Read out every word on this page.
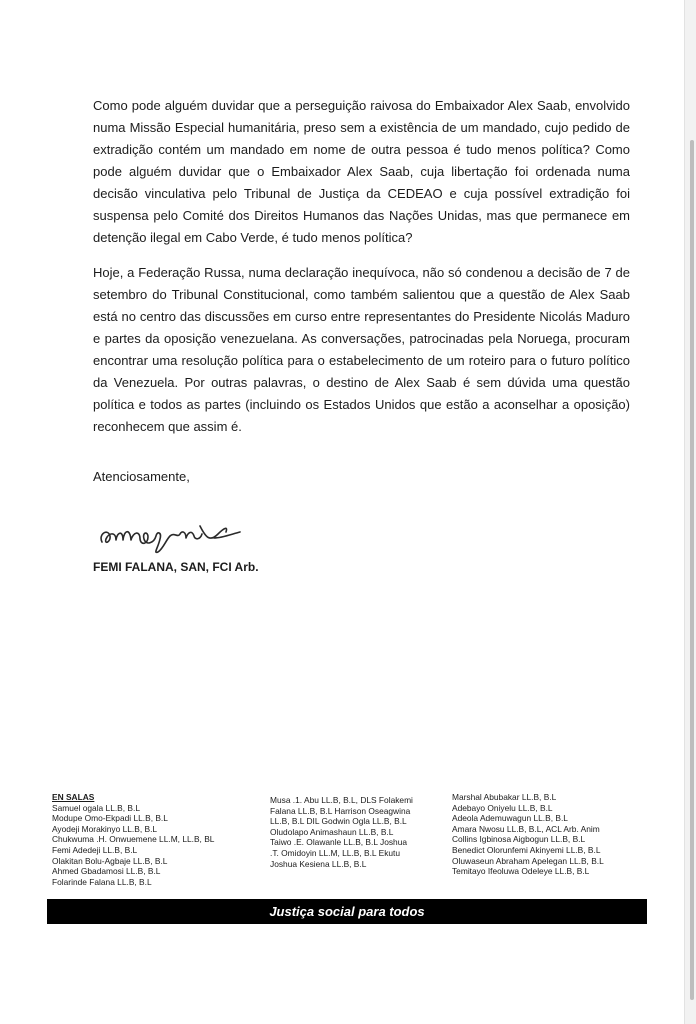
Como pode alguém duvidar que a perseguição raivosa do Embaixador Alex Saab, envolvido numa Missão Especial humanitária, preso sem a existência de um mandado, cujo pedido de extradição contém um mandado em nome de outra pessoa é tudo menos política? Como pode alguém duvidar que o Embaixador Alex Saab, cuja libertação foi ordenada numa decisão vinculativa pelo Tribunal de Justiça da CEDEAO e cuja possível extradição foi suspensa pelo Comité dos Direitos Humanos das Nações Unidas, mas que permanece em detenção ilegal em Cabo Verde, é tudo menos política?

Hoje, a Federação Russa, numa declaração inequívoca, não só condenou a decisão de 7 de setembro do Tribunal Constitucional, como também salientou que a questão de Alex Saab está no centro das discussões em curso entre representantes do Presidente Nicolás Maduro e partes da oposição venezuelana. As conversações, patrocinadas pela Noruega, procuram encontrar uma resolução política para o estabelecimento de um roteiro para o futuro político da Venezuela. Por outras palavras, o destino de Alex Saab é sem dúvida uma questão política e todos as partes (incluindo os Estados Unidos que estão a aconselhar a oposição) reconhecem que assim é.

Atenciosamente,

FEMI FALANA, SAN, FCI Arb.

EN SALAS
Samuel ogala LL.B, B.L
Modupe Omo-Ekpadi LL.B, B.L
Ayodeji Morakinyo LL.B, B.L
Chukwuma .H. Onwuemene LL.M, LL.B, BL
Femi Adedeji LL.B, B.L
Olakitan Bolu-Agbaje LL.B, B.L
Ahmed Gbadamosi LL.B, B.L
Folarinde Falana LL.B, B.L
Musa .1. Abu LL.B, B.L, DLS Folakemi
Falana LL.B, B.L Harrison Oseagwina
LL.B, B.L DIL Godwin Ogla LL.B, B.L
Oludolapo Animashaun LL.B, B.L
Taiwo .E. Olawanle LL.B, B.L Joshua
.T. Omidoyin LL.M, LL.B, B.L Ekutu
Joshua Kesiena LL.B, B.L
Marshal Abubakar LL.B, B.L
Adebayo Oniyelu LL.B, B.L
Adeola Ademuwagun LL.B, B.L
Amara Nwosu LL.B, B.L, ACL Arb. Anim
Collins Igbinosa Aigbogun LL.B, B.L
Benedict Olorunfemi Akinyemi LL.B, B.L
Oluwaseun Abraham Apelegan LL.B, B.L
Temitayo Ifeoluwa Odeleye LL.B, B.L
Justiça social para todos
